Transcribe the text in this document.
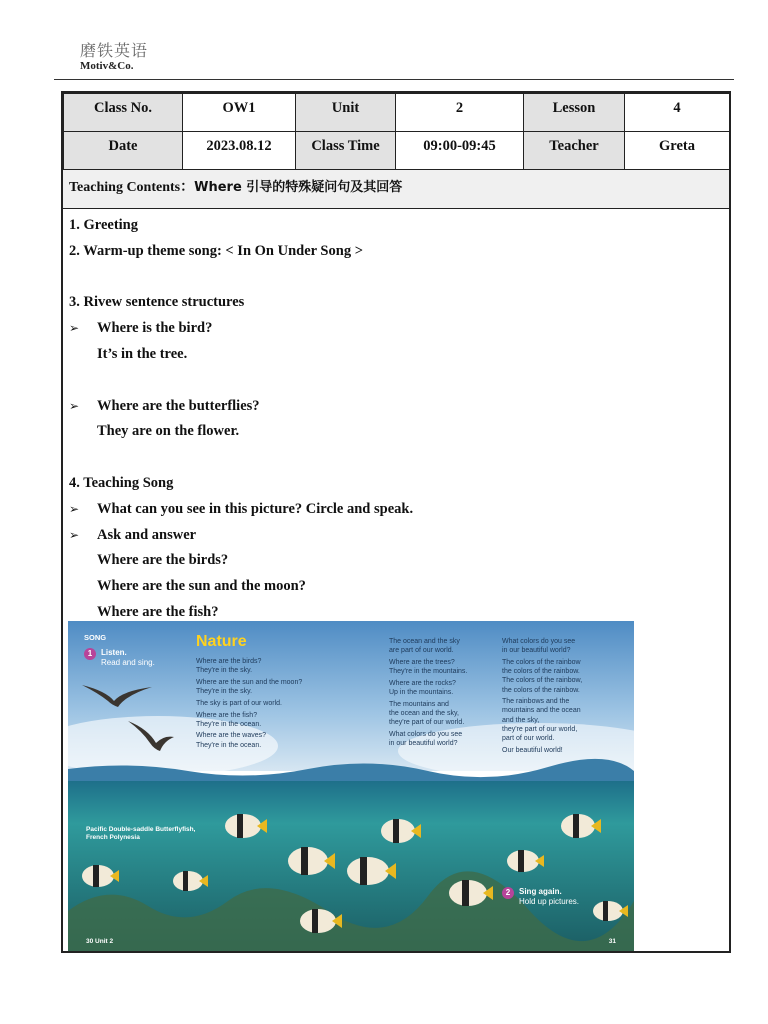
磨铁英语
Motiv&Co.
Class No.	OW1	Unit	2	Lesson	4
Date	2023.08.12	Class Time	09:00-09:45	Teacher	Greta
Teaching Contents：Where 引导的特殊疑问句及其回答
1. Greeting
2. Warm-up theme song: < In On Under Song >
3. Rivew sentence structures
➢ Where is the bird?
It’s in the tree.
➢ Where are the butterflies?
They are on the flower.
4. Teaching Song
➢ What can you see in this picture? Circle and speak.
➢ Ask and answer
Where are the birds?
Where are the sun and the moon?
Where are the fish?
SONG
1	Listen.
Read and sing.
Nature
Where are the birds?
They're in the sky.
Where are the sun and the moon?
They're in the sky.
The sky is part of our world.
Where are the fish?
They're in the ocean.
Where are the waves?
They're in the ocean.
The ocean and the sky
are part of our world.
Where are the trees?
They're in the mountains.
Where are the rocks?
Up in the mountains.
The mountains and
the ocean and the sky,
they're part of our world.
What colors do you see
in our beautiful world?
What colors do you see
in our beautiful world?
The colors of the rainbow
the colors of the rainbow.
The colors of the rainbow,
the colors of the rainbow.
The rainbows and the
mountains and the ocean
and the sky,
they're part of our world,
part of our world.
Our beautiful world!
Pacific Double-saddle Butterflyfish,
French Polynesia
2	Sing again.
Hold up pictures.
30 Unit 2	31
